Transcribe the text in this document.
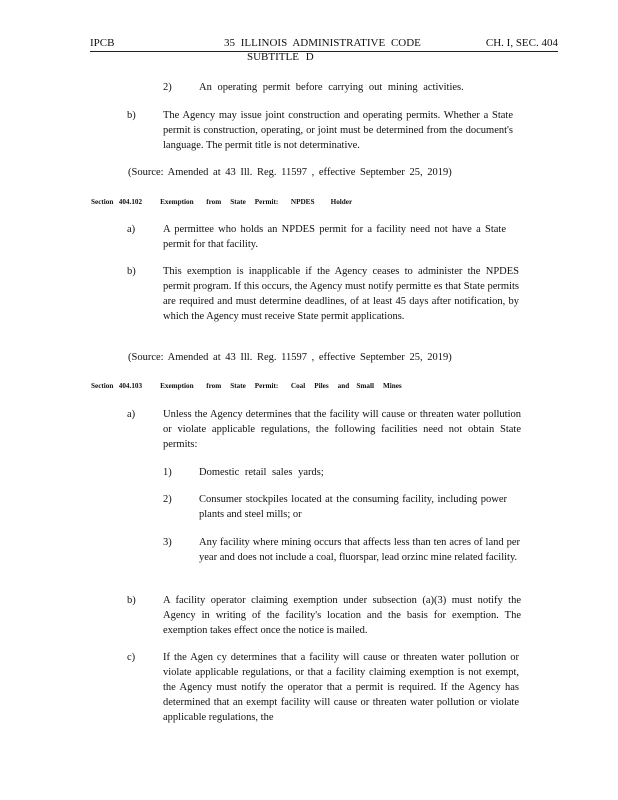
IPCB	35 ILLINOIS ADMINISTRATIVE CODE	CH. I, SEC. 404
SUBTITLE D
2)	An operating permit before carrying out mining activities.
b)	The Agency may issue joint construction and operating permits. Whether a State permit is construction, operating, or joint must be determined from the document's language. The permit title is not determinative.
(Source: Amended at 43 Ill. Reg. 11597 , effective September 25, 2019)
Section   404.102          Exemption       from     State     Permit:       NPDES         Holder
a)	A permittee who holds an NPDES permit for a facility need not have a State permit for that facility.
b)	This exemption is inapplicable if the Agency ceases to administer the NPDES permit program. If this occurs, the Agency must notify permitte es that State permits are required and must determine deadlines, of at least 45 days after notification, by which the Agency must receive State permit applications.
(Source: Amended at 43 Ill. Reg. 11597 , effective September 25, 2019)
Section   404.103          Exemption       from     State     Permit:       Coal     Piles     and    Small     Mines
a)	Unless the Agency determines that the facility will cause or threaten water pollution or violate applicable regulations, the following facilities need not obtain State permits:
1)	Domestic retail sales yards;
2)	Consumer stockpiles located at the consuming facility, including power plants and steel mills; or
3)	Any facility where mining occurs that affects less than ten acres of land per year and does not include a coal, fluorspar, lead orzinc mine related facility.
b)	A facility operator claiming exemption under subsection (a)(3) must notify the Agency in writing of the facility's location and the basis for exemption. The exemption takes effect once the notice is mailed.
c)	If the Agen cy determines that a facility will cause or threaten water pollution or violate applicable regulations, or that a facility claiming exemption is not exempt, the Agency must notify the operator that a permit is required. If the Agency has determined that an exempt facility will cause or threaten water pollution or violate applicable regulations, the
